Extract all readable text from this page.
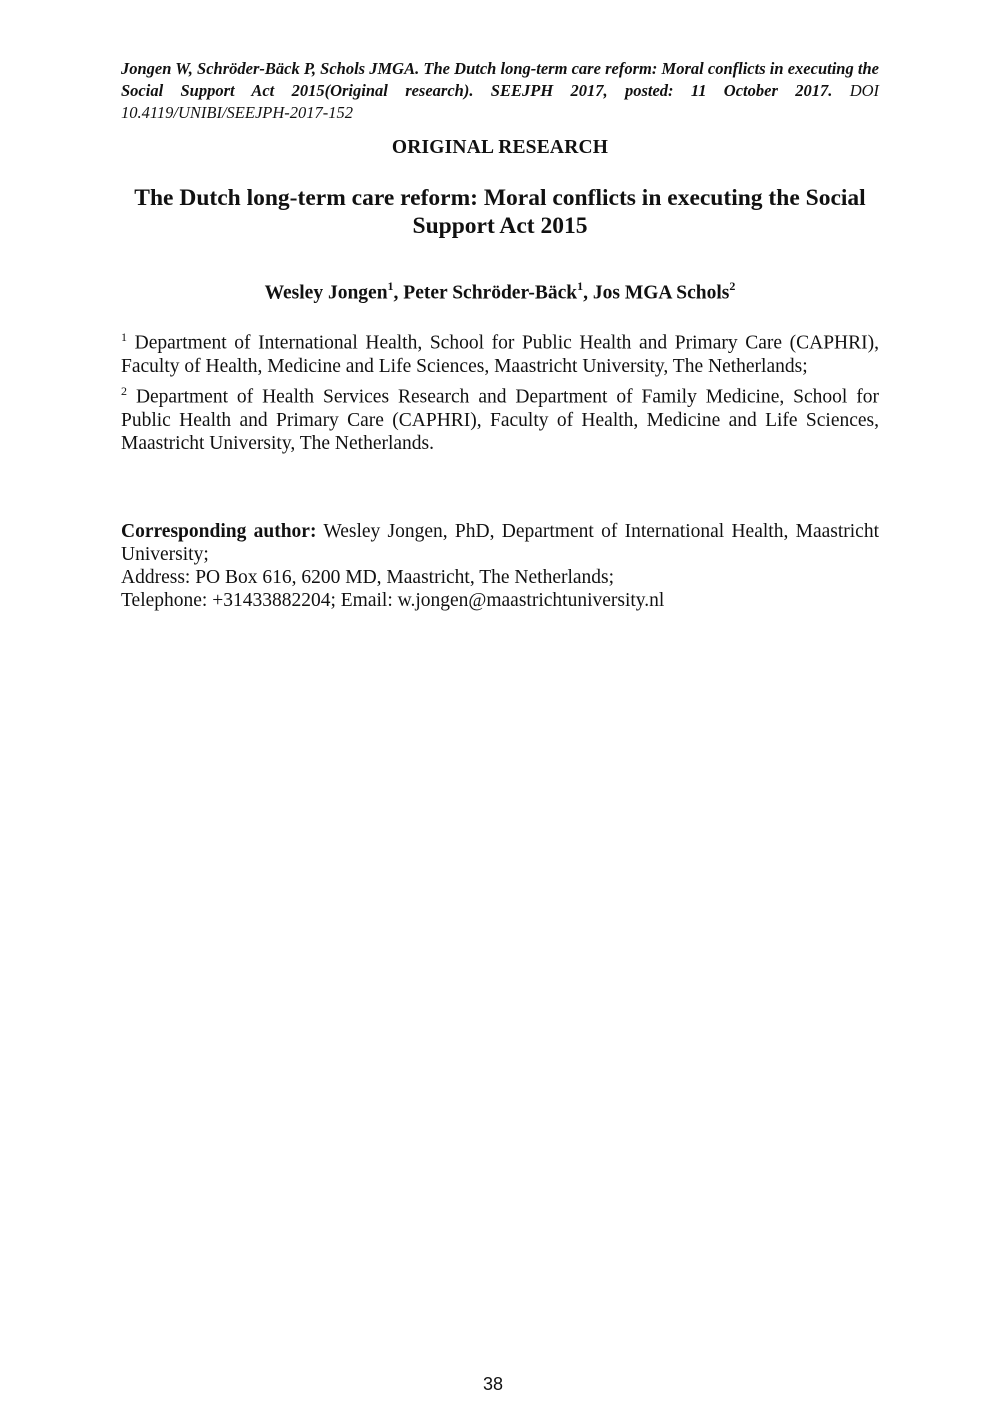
Jongen W, Schröder-Bäck P, Schols JMGA. The Dutch long-term care reform: Moral conflicts in executing the Social Support Act 2015(Original research). SEEJPH 2017, posted: 11 October 2017. DOI 10.4119/UNIBI/SEEJPH-2017-152
ORIGINAL RESEARCH
The Dutch long-term care reform: Moral conflicts in executing the Social Support Act 2015
Wesley Jongen$^1$, Peter Schröder-Bäck$^1$, Jos MGA Schols$^2$
$^1$ Department of International Health, School for Public Health and Primary Care (CAPHRI), Faculty of Health, Medicine and Life Sciences, Maastricht University, The Netherlands;
$^2$ Department of Health Services Research and Department of Family Medicine, School for Public Health and Primary Care (CAPHRI), Faculty of Health, Medicine and Life Sciences, Maastricht University, The Netherlands.
Corresponding author: Wesley Jongen, PhD, Department of International Health, Maastricht University;
Address: PO Box 616, 6200 MD, Maastricht, The Netherlands;
Telephone: +31433882204; Email: w.jongen@maastrichtuniversity.nl
38
